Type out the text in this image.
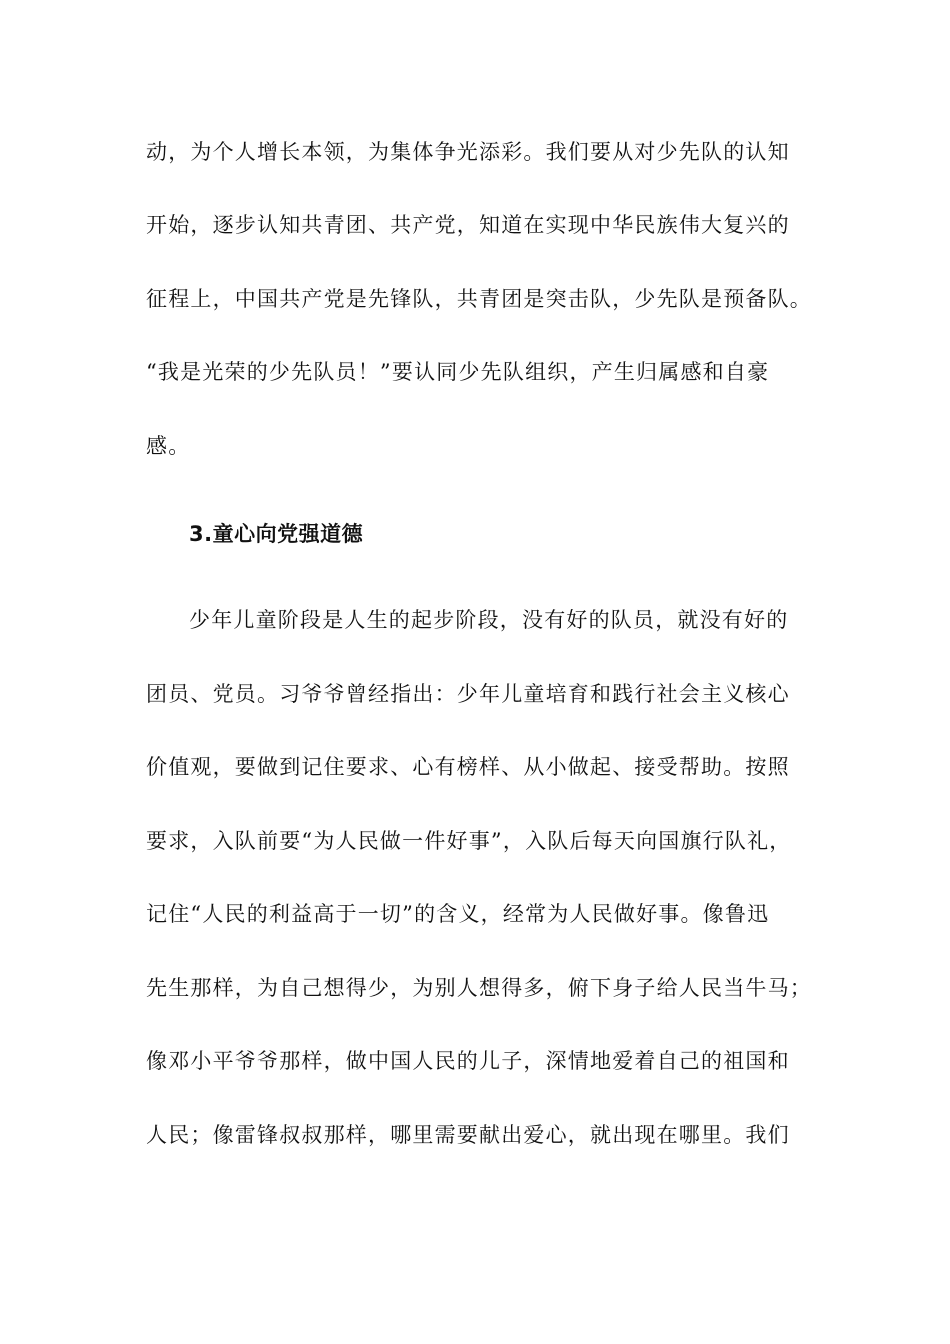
动，为个人增长本领，为集体争光添彩。我们要从对少先队的认知
开始，逐步认知共青团、共产党，知道在实现中华民族伟大复兴的
征程上，中国共产党是先锋队，共青团是突击队，少先队是预备队。
“我是光荣的少先队员！”要认同少先队组织，产生归属感和自豪
感。
3.童心向党强道德
少年儿童阶段是人生的起步阶段，没有好的队员，就没有好的
团员、党员。习爷爷曾经指出：少年儿童培育和践行社会主义核心
价值观，要做到记住要求、心有榜样、从小做起、接受帮助。按照
要求，入队前要“为人民做一件好事”，入队后每天向国旗行队礼，
记住“人民的利益高于一切”的含义，经常为人民做好事。像鲁迅
先生那样，为自己想得少，为别人想得多，俯下身子给人民当牛马；
像邓小平爷爷那样，做中国人民的儿子，深情地爱着自己的祖国和
人民；像雷锋叔叔那样，哪里需要献出爱心，就出现在哪里。我们
